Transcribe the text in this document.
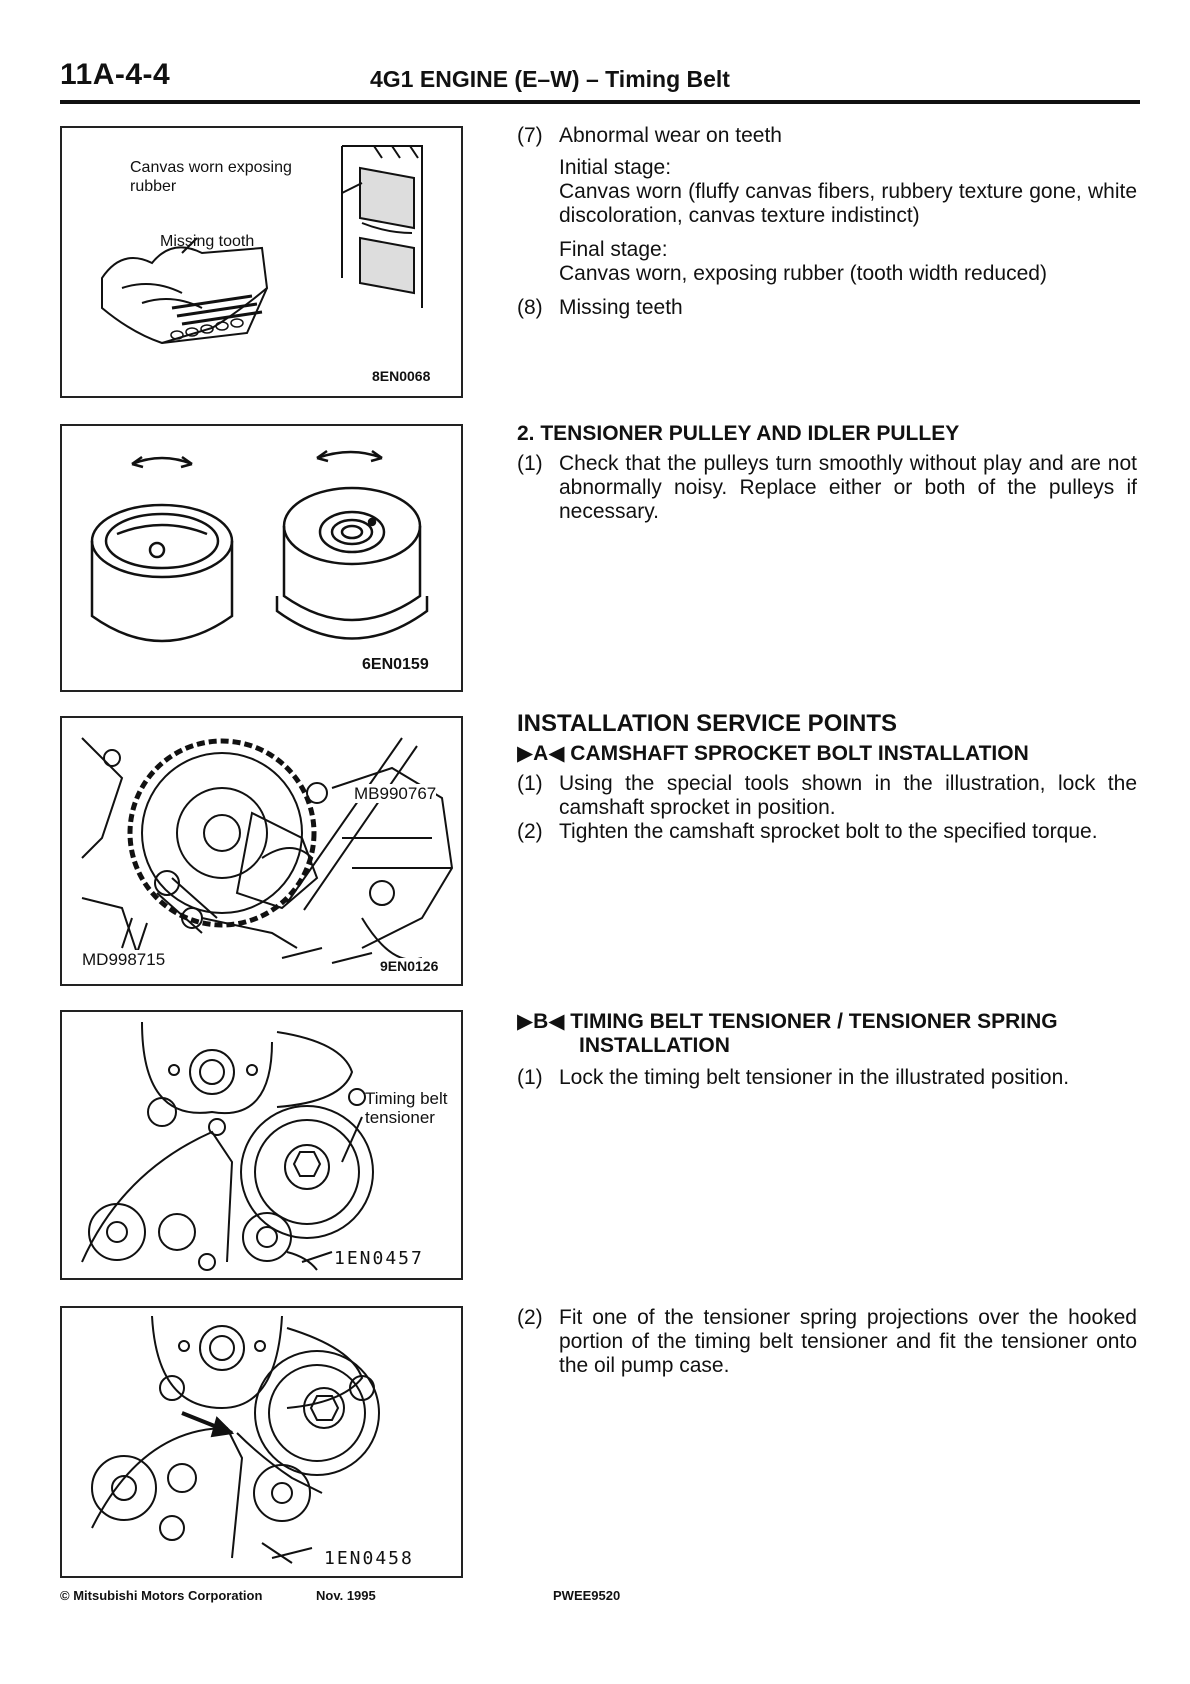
11A-4-4	4G1 ENGINE (E–W) – Timing Belt
Canvas worn exposing rubber
Missing tooth
8EN0068
6EN0159
MB990767
MD998715	9EN0126
Timing belt tensioner
1EN0457
1EN0458
(7) Abnormal wear on teeth
Initial stage:
Canvas worn (fluffy canvas fibers, rubbery texture gone, white discoloration, canvas texture indistinct)
Final stage:
Canvas worn, exposing rubber (tooth width reduced)
(8) Missing teeth
2. TENSIONER PULLEY AND IDLER PULLEY
(1) Check that the pulleys turn smoothly without play and are not abnormally noisy. Replace either or both of the pulleys if necessary.
INSTALLATION SERVICE POINTS
▶A◀ CAMSHAFT SPROCKET BOLT INSTALLATION
(1) Using the special tools shown in the illustration, lock the camshaft sprocket in position.
(2) Tighten the camshaft sprocket bolt to the specified torque.
▶B◀ TIMING BELT TENSIONER / TENSIONER SPRING
INSTALLATION
(1) Lock the timing belt tensioner in the illustrated position.
(2) Fit one of the tensioner spring projections over the hooked portion of the timing belt tensioner and fit the tensioner onto the oil pump case.
© Mitsubishi Motors Corporation	Nov. 1995	PWEE9520
